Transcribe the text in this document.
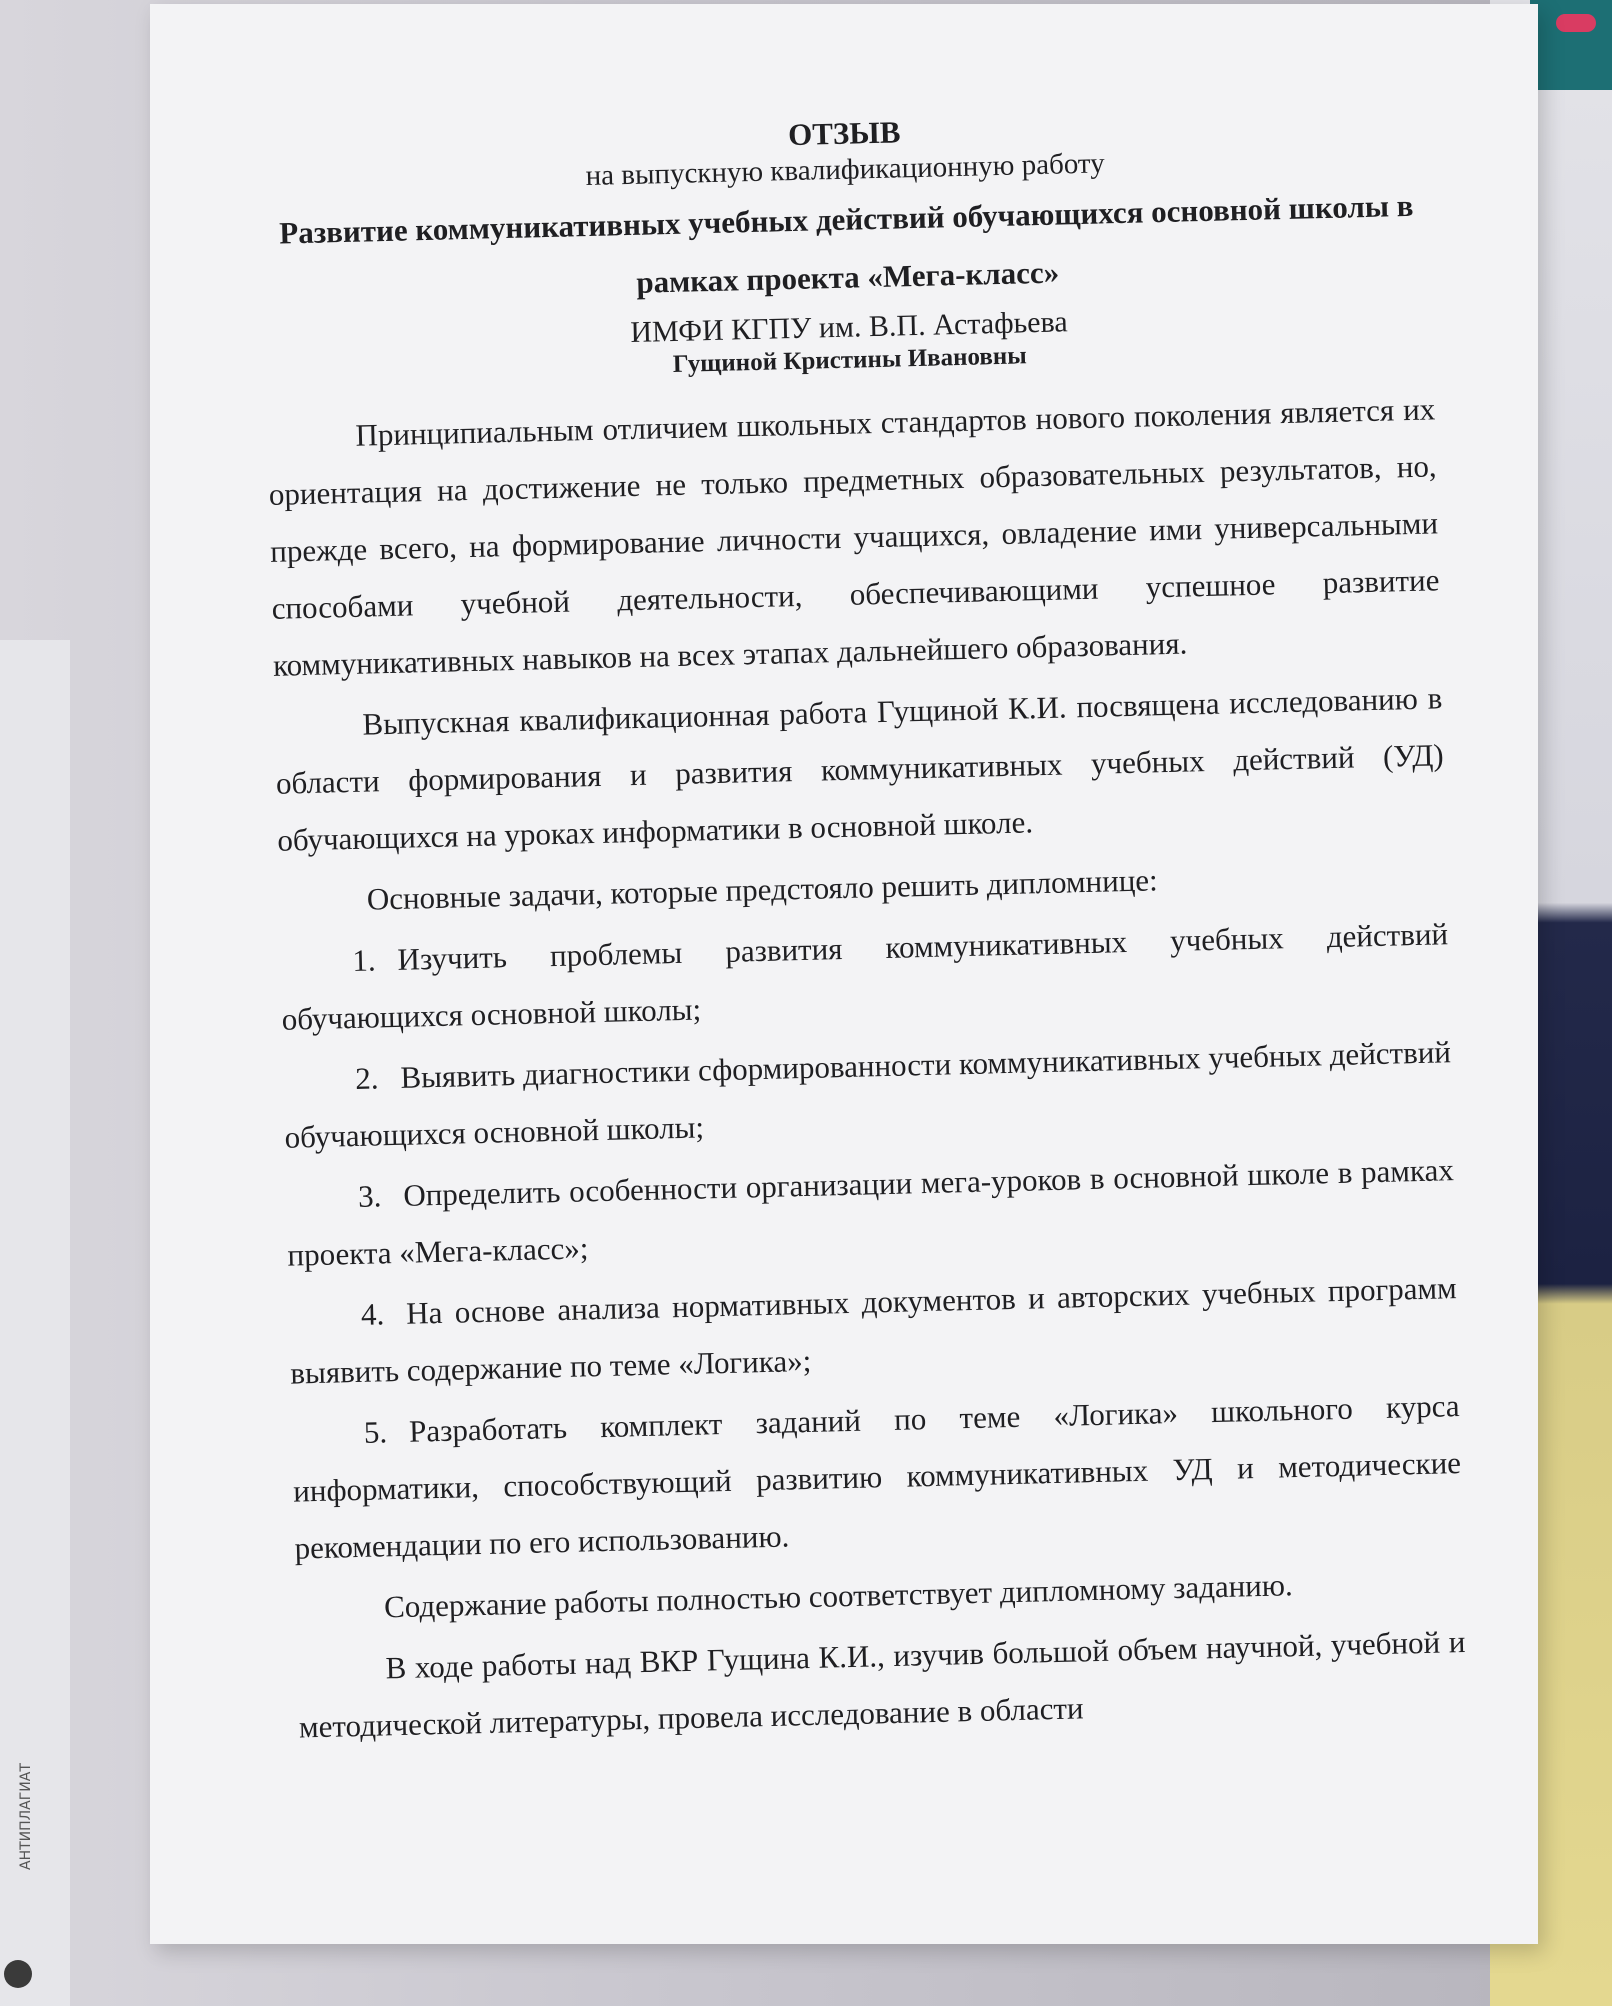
АНТИПЛАГИАТ
ОТЗЫВ
на выпускную квалификационную работу
Развитие коммуникативных учебных действий обучающихся основной школы в рамках проекта «Мега-класс»
ИМФИ КГПУ им. В.П. Астафьева
Гущиной Кристины Ивановны

Принципиальным отличием школьных стандартов нового поколения является их ориентация на достижение не только предметных образовательных результатов, но, прежде всего, на формирование личности учащихся, овладение ими универсальными способами учебной деятельности, обеспечивающими успешное развитие коммуникативных навыков на всех этапах дальнейшего образования.

Выпускная квалификационная работа Гущиной К.И. посвящена исследованию в области формирования и развития коммуникативных учебных действий (УД) обучающихся на уроках информатики в основной школе.

Основные задачи, которые предстояло решить дипломнице:

1. Изучить проблемы развития коммуникативных учебных действий обучающихся основной школы;
2. Выявить диагностики сформированности коммуникативных учебных действий обучающихся основной школы;
3. Определить особенности организации мега-уроков в основной школе в рамках проекта «Мега-класс»;
4. На основе анализа нормативных документов и авторских учебных программ выявить содержание по теме «Логика»;
5. Разработать комплект заданий по теме «Логика» школьного курса информатики, способствующий развитию коммуникативных УД и методические рекомендации по его использованию.

Содержание работы полностью соответствует дипломному заданию.

В ходе работы над ВКР Гущина К.И., изучив большой объем научной, учебной и методической литературы, провела исследование в области
